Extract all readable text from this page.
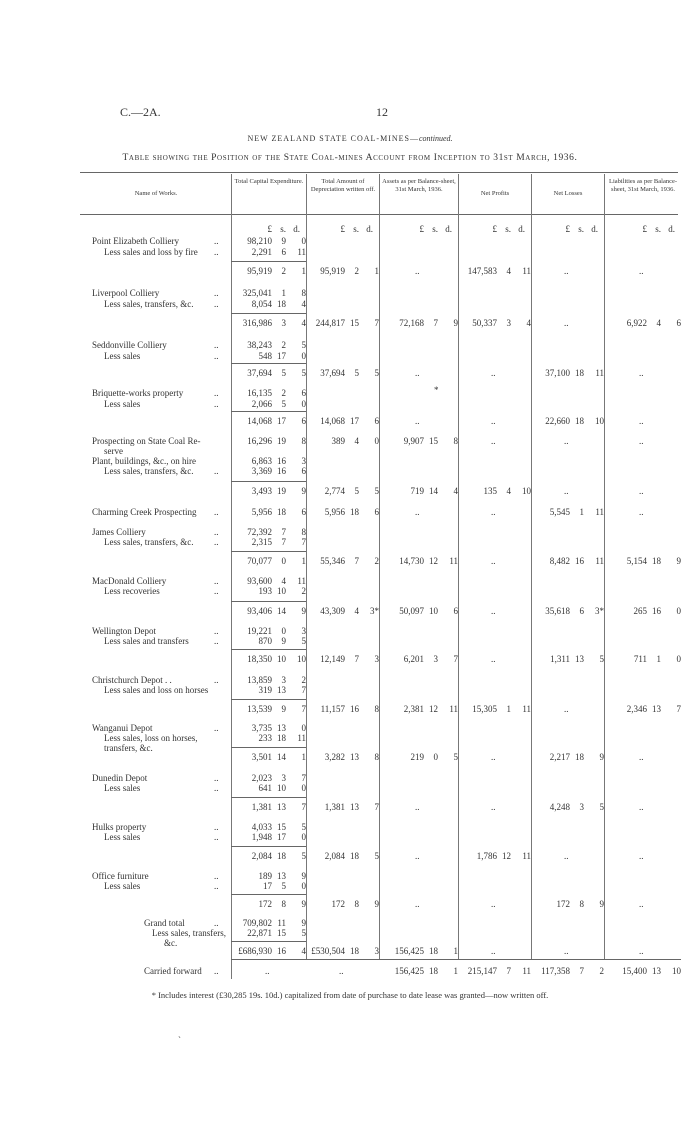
C.—2A.	12
NEW ZEALAND STATE COAL-MINES—continued.
Table showing the Position of the State Coal-mines Account from Inception to 31st March, 1936.
Name of Works.
Total Capital Expenditure.	Total Amount of Depreciation written off.
Assets as per Balance-sheet, 31st March, 1936.
Net Profits	Net Losses
Liabilities as per Balance-sheet, 31st March, 1936.
£ s. d.	£ s. d.	£ s. d.	£ s. d.	£ s. d.	£ s. d.
Point Elizabeth Colliery	..	98,210 9 0
Less sales and loss by fire ..	2,291 6 11
95,919 2 1	95,919 2 1	..	147,583 4 11	..	..
Liverpool Colliery	..	325,041 1 8
Less sales, transfers, &c. ..	8,054 18 4
316,986 3 4	244,817 15 7	72,168 7 9	50,337 3 4	..	6,922 4 6
Seddonville Colliery	..	38,243 2 5
Less sales	..	548 17 0
37,694 5 5	37,694 5 5	..	..	37,100 18 11	..
*
Briquette-works property	..	16,135 2 6
Less sales	..	2,066 5 0
14,068 17 6	14,068 17 6	..	..	22,660 18 10	..
Prospecting on State Coal Re-	16,296 19 8	389 4 0	9,907 15 8	..	..	..
serve
Plant, buildings, &c., on hire	6,863 16 3
Less sales, transfers, &c. ..	3,369 16 6
3,493 19 9	2,774 5 5	719 14 4	135 4 10	..	..
Charming Creek Prospecting ..	5,956 18 6	5,956 18 6	..	..	5,545 1 11	..
James Colliery	..	72,392 7 8
Less sales, transfers, &c. ..	2,315 7 7
70,077 0 1	55,346 7 2	14,730 12 11	..	8,482 16 11	5,154 18 9
MacDonald Colliery	..	93,600 4 11
Less recoveries	..	193 10 2
93,406 14 9	43,309 4 3*	50,097 10 6	..	35,618 6 3*	265 16 0
Wellington Depot	..	19,221 0 3
Less sales and transfers	..	870 9 5
18,350 10 10	12,149 7 3	6,201 3 7	..	1,311 13 5	711 1 0
Christchurch Depot . .	..	13,859 3 2
Less sales and loss on horses	319 13 7
13,539 9 7	11,157 16 8	2,381 12 11	15,305 1 11	..	2,346 13 7
Wanganui Depot	..	3,735 13 0
Less sales, loss on horses,	233 18 11
transfers, &c.
3,501 14 1	3,282 13 8	219 0 5	..	2,217 18 9	..
Dunedin Depot	..	2,023 3 7
Less sales	..	641 10 0
1,381 13 7	1,381 13 7	..	..	4,248 3 5	..
Hulks property	..	4,033 15 5
Less sales	..	1,948 17 0
2,084 18 5	2,084 18 5	..	1,786 12 11	..	..
Office furniture	..	189 13 9
Less sales	..	17 5 0
172 8 9	172 8 9	..	..	172 8 9	..
Grand total	..	709,802 11 9
Less sales, transfers,	22,871 15 5
&c.
£686,930 16 4 £530,504 18 3	156,425 18 1	..	..	..
Carried forward ..	..	..	156,425 18 1	215,147 7 11	117,358 7 2	15,400 13 10
* Includes interest (£30,285 19s. 10d.) capitalized from date of purchase to date lease was granted—now written off.
`
